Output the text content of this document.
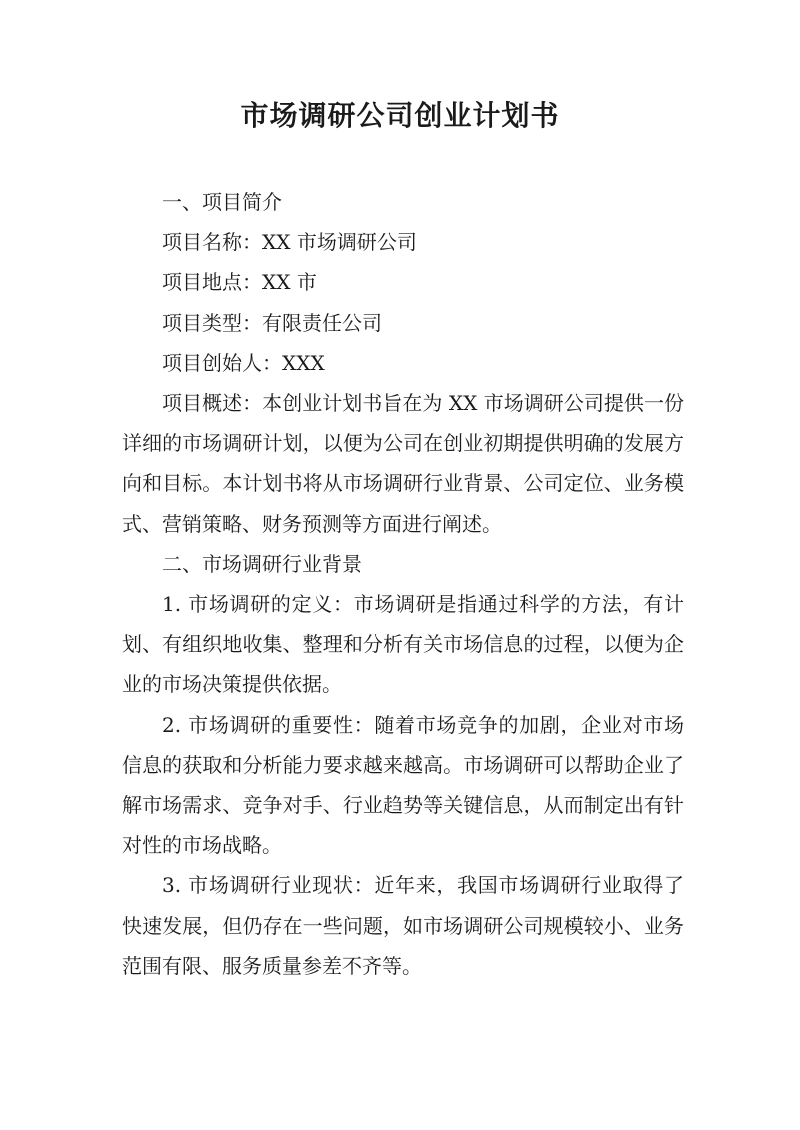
市场调研公司创业计划书

一、项目简介

项目名称：XX 市场调研公司

项目地点：XX 市

项目类型：有限责任公司

项目创始人：XXX

项目概述：本创业计划书旨在为 XX 市场调研公司提供一份详细的市场调研计划，以便为公司在创业初期提供明确的发展方向和目标。本计划书将从市场调研行业背景、公司定位、业务模式、营销策略、财务预测等方面进行阐述。

二、市场调研行业背景

1. 市场调研的定义：市场调研是指通过科学的方法，有计划、有组织地收集、整理和分析有关市场信息的过程，以便为企业的市场决策提供依据。

2. 市场调研的重要性：随着市场竞争的加剧，企业对市场信息的获取和分析能力要求越来越高。市场调研可以帮助企业了解市场需求、竞争对手、行业趋势等关键信息，从而制定出有针对性的市场战略。

3. 市场调研行业现状：近年来，我国市场调研行业取得了快速发展，但仍存在一些问题，如市场调研公司规模较小、业务范围有限、服务质量参差不齐等。
